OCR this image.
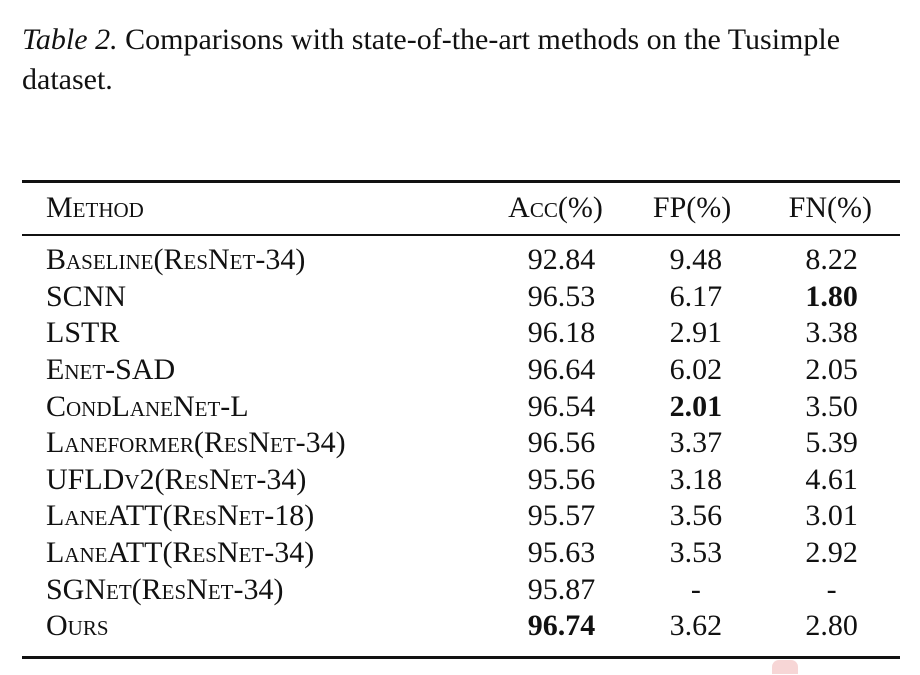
Table 2. Comparisons with state-of-the-art methods on the Tusimple dataset.
Method	Acc(%)	FP(%)	FN(%)
Baseline(ResNet-34)	92.84	9.48	8.22
SCNN	96.53	6.17	1.80
LSTR	96.18	2.91	3.38
Enet-SAD	96.64	6.02	2.05
CondLaneNet-L	96.54	2.01	3.50
Laneformer(ResNet-34)	96.56	3.37	5.39
UFLDv2(ResNet-34)	95.56	3.18	4.61
LaneATT(ResNet-18)	95.57	3.56	3.01
LaneATT(ResNet-34)	95.63	3.53	2.92
SGNet(ResNet-34)	95.87	-	-
Ours	96.74	3.62	2.80
